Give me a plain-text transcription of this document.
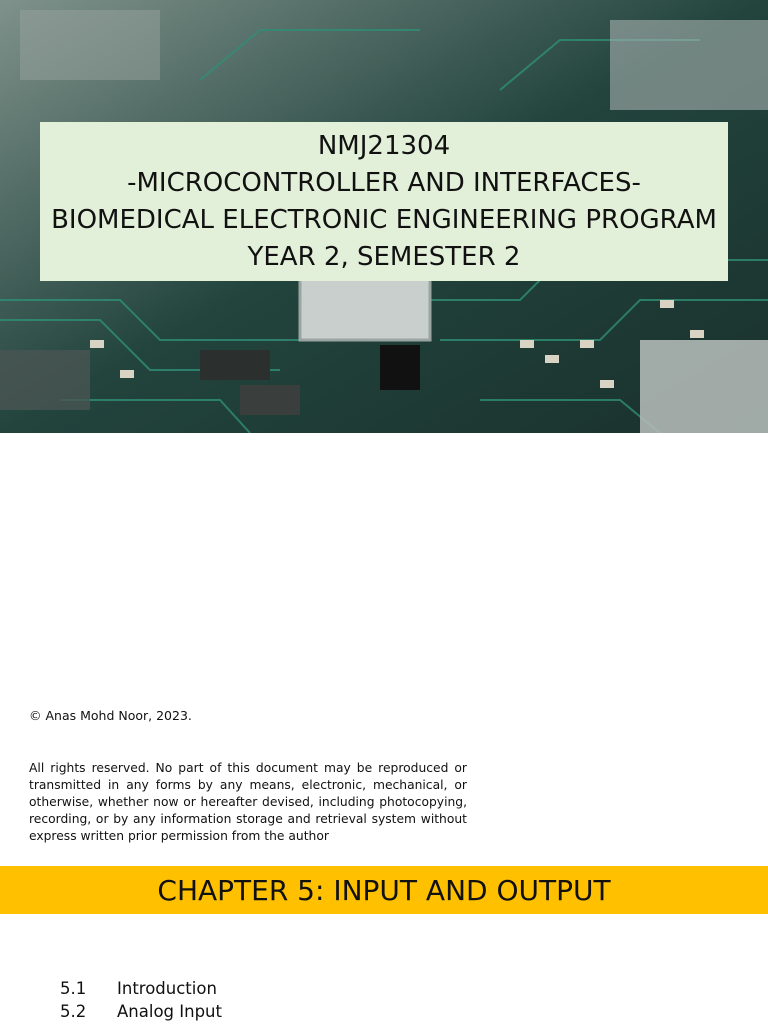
NMJ21304
-MICROCONTROLLER AND INTERFACES-
BIOMEDICAL ELECTRONIC ENGINEERING PROGRAM
YEAR 2, SEMESTER 2
© Anas Mohd Noor, 2023.
All rights reserved. No part of this document may be reproduced or transmitted in any forms by any means, electronic, mechanical, or otherwise, whether now or hereafter devised, including photocopying, recording, or by any information storage and retrieval system without express written prior permission from the author
CHAPTER 5: INPUT AND OUTPUT
5.1	Introduction
5.2	Analog Input
